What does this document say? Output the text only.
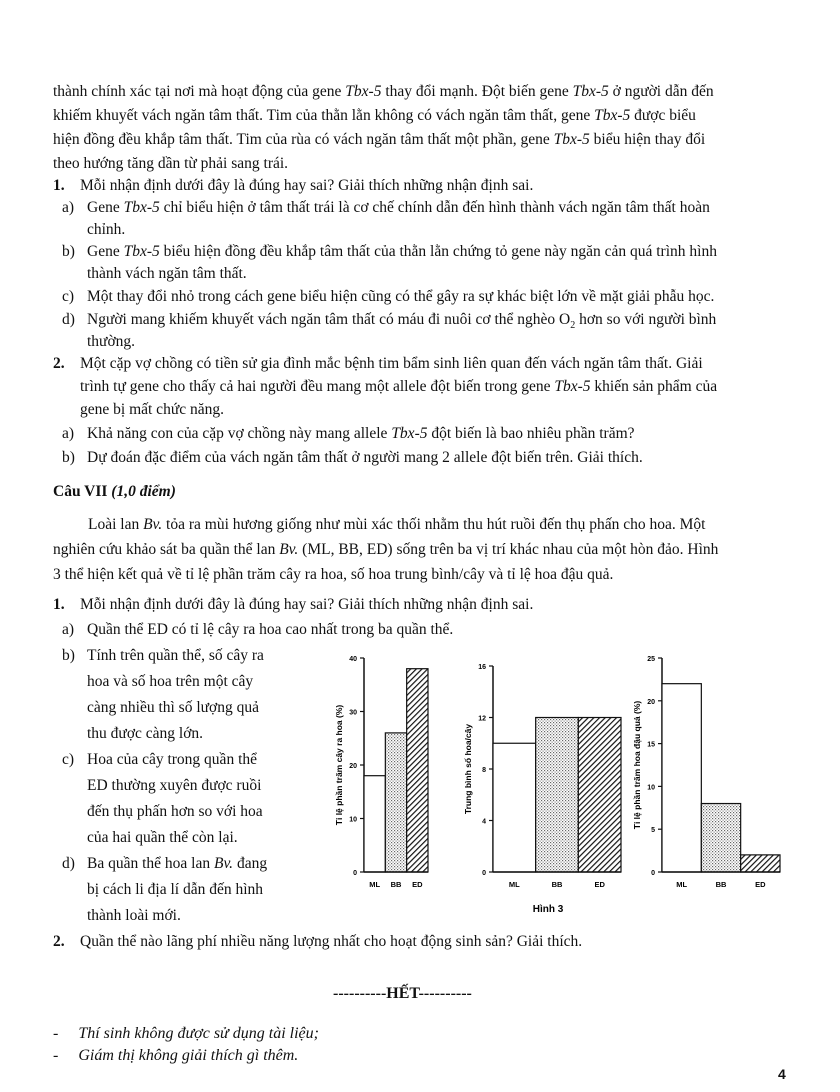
thành chính xác tại nơi mà hoạt động của gene Tbx-5 thay đổi mạnh. Đột biến gene Tbx-5 ở người dẫn đến
khiếm khuyết vách ngăn tâm thất. Tim của thằn lằn không có vách ngăn tâm thất, gene Tbx-5 được biểu
hiện đồng đều khắp tâm thất. Tim của rùa có vách ngăn tâm thất một phần, gene Tbx-5 biểu hiện thay đổi
theo hướng tăng dần từ phải sang trái.
1. Mỗi nhận định dưới đây là đúng hay sai? Giải thích những nhận định sai.
a) Gene Tbx-5 chỉ biểu hiện ở tâm thất trái là cơ chế chính dẫn đến hình thành vách ngăn tâm thất hoàn
chỉnh.
b) Gene Tbx-5 biểu hiện đồng đều khắp tâm thất của thằn lằn chứng tỏ gene này ngăn cản quá trình hình
thành vách ngăn tâm thất.
c) Một thay đổi nhỏ trong cách gene biểu hiện cũng có thể gây ra sự khác biệt lớn về mặt giải phẫu học.
d) Người mang khiếm khuyết vách ngăn tâm thất có máu đi nuôi cơ thể nghèo $O_2$ hơn so với người bình
thường.
2. Một cặp vợ chồng có tiền sử gia đình mắc bệnh tim bẩm sinh liên quan đến vách ngăn tâm thất. Giải
trình tự gene cho thấy cả hai người đều mang một allele đột biến trong gene Tbx-5 khiến sản phẩm của
gene bị mất chức năng.
a) Khả năng con của cặp vợ chồng này mang allele Tbx-5 đột biến là bao nhiêu phần trăm?
b) Dự đoán đặc điểm của vách ngăn tâm thất ở người mang 2 allele đột biến trên. Giải thích.
Câu VII (1,0 điểm)
Loài lan Bv. tỏa ra mùi hương giống như mùi xác thối nhằm thu hút ruồi đến thụ phấn cho hoa. Một
nghiên cứu khảo sát ba quần thể lan Bv. (ML, BB, ED) sống trên ba vị trí khác nhau của một hòn đảo. Hình
3 thể hiện kết quả về tỉ lệ phần trăm cây ra hoa, số hoa trung bình/cây và tỉ lệ hoa đậu quả.
1. Mỗi nhận định dưới đây là đúng hay sai? Giải thích những nhận định sai.
a) Quần thể ED có tỉ lệ cây ra hoa cao nhất trong ba quần thể.
b) Tính trên quần thể, số cây ra
hoa và số hoa trên một cây
càng nhiều thì số lượng quả
thu được càng lớn.
c) Hoa của cây trong quần thể
ED thường xuyên được ruồi
đến thụ phấn hơn so với hoa
của hai quần thể còn lại.
d) Ba quần thể hoa lan Bv. đang
bị cách li địa lí dẫn đến hình
thành loài mới.
2. Quần thể nào lãng phí nhiều năng lượng nhất cho hoạt động sinh sản? Giải thích.
0
10
20
30
40
Tỉ lệ phần trăm cây ra hoa (%)
ML BB ED
0
4
8
12
16
Trung bình số hoa/cây
ML	BB	ED
0
5
10
15
20
25
Tỉ lệ phần trăm hoa đậu quả (%)
ML	BB	ED
Hình 3
----------HẾT----------
- Thí sinh không được sử dụng tài liệu;
- Giám thị không giải thích gì thêm.
4
